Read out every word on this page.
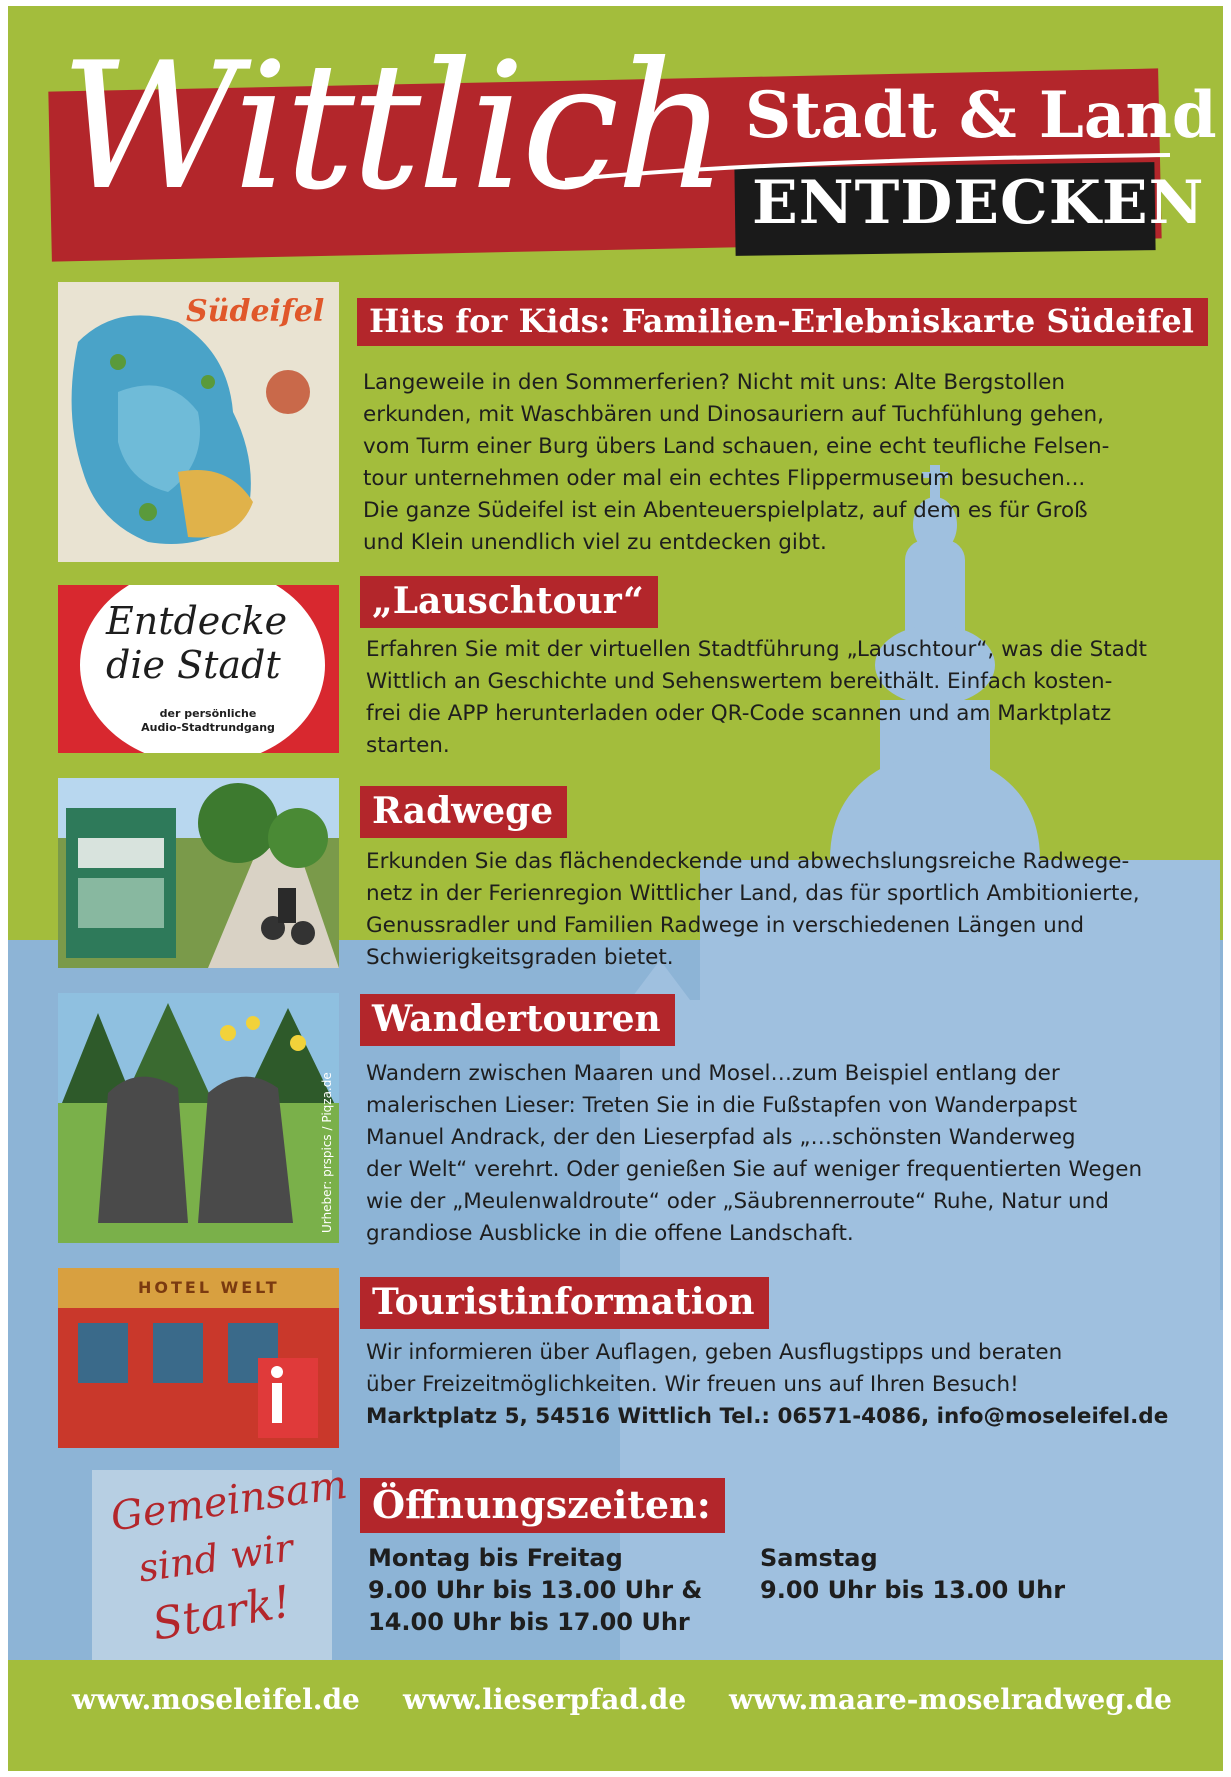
Wittlich Stadt & Land
ENTDECKEN
Südeifel
Entdecke
die Stadt
der persönliche
Audio-Stadtrundgang
Urheber: prspics / Piqza.de
HOTEL WELT
Hits for Kids: Familien-Erlebniskarte Südeifel
„Lauschtour“
Radwege
Wandertouren
Touristinformation
Langeweile in den Sommerferien? Nicht mit uns: Alte Bergstollen
erkunden, mit Waschbären und Dinosauriern auf Tuchfühlung gehen,
vom Turm einer Burg übers Land schauen, eine echt teufliche Felsen-
tour unternehmen oder mal ein echtes Flippermuseum besuchen...
Die ganze Südeifel ist ein Abenteuerspielplatz, auf dem es für Groß
und Klein unendlich viel zu entdecken gibt.
Erfahren Sie mit der virtuellen Stadtführung „Lauschtour“, was die Stadt
Wittlich an Geschichte und Sehenswertem bereithält. Einfach kosten-
frei die APP herunterladen oder QR-Code scannen und am Marktplatz
starten.
Erkunden Sie das flächendeckende und abwechslungsreiche Radwege-
netz in der Ferienregion Wittlicher Land, das für sportlich Ambitionierte,
Genussradler und Familien Radwege in verschiedenen Längen und
Schwierigkeitsgraden bietet.
Wandern zwischen Maaren und Mosel…zum Beispiel entlang der
malerischen Lieser: Treten Sie in die Fußstapfen von Wanderpapst
Manuel Andrack, der den Lieserpfad als „…schönsten Wanderweg
der Welt“ verehrt. Oder genießen Sie auf weniger frequentierten Wegen
wie der „Meulenwaldroute“ oder „Säubrennerroute“ Ruhe, Natur und
grandiose Ausblicke in die offene Landschaft.
Wir informieren über Auflagen, geben Ausflugstipps und beraten
über Freizeitmöglichkeiten. Wir freuen uns auf Ihren Besuch!
Marktplatz 5, 54516 Wittlich Tel.: 06571-4086, info@moseleifel.de
Gemeinsam
sind wir
Stark!
Öffnungszeiten:
Montag bis Freitag
9.00 Uhr bis 13.00 Uhr &
14.00 Uhr bis 17.00 Uhr
Samstag
9.00 Uhr bis 13.00 Uhr
www.moseleifel.de www.lieserpfad.de www.maare-moselradweg.de
